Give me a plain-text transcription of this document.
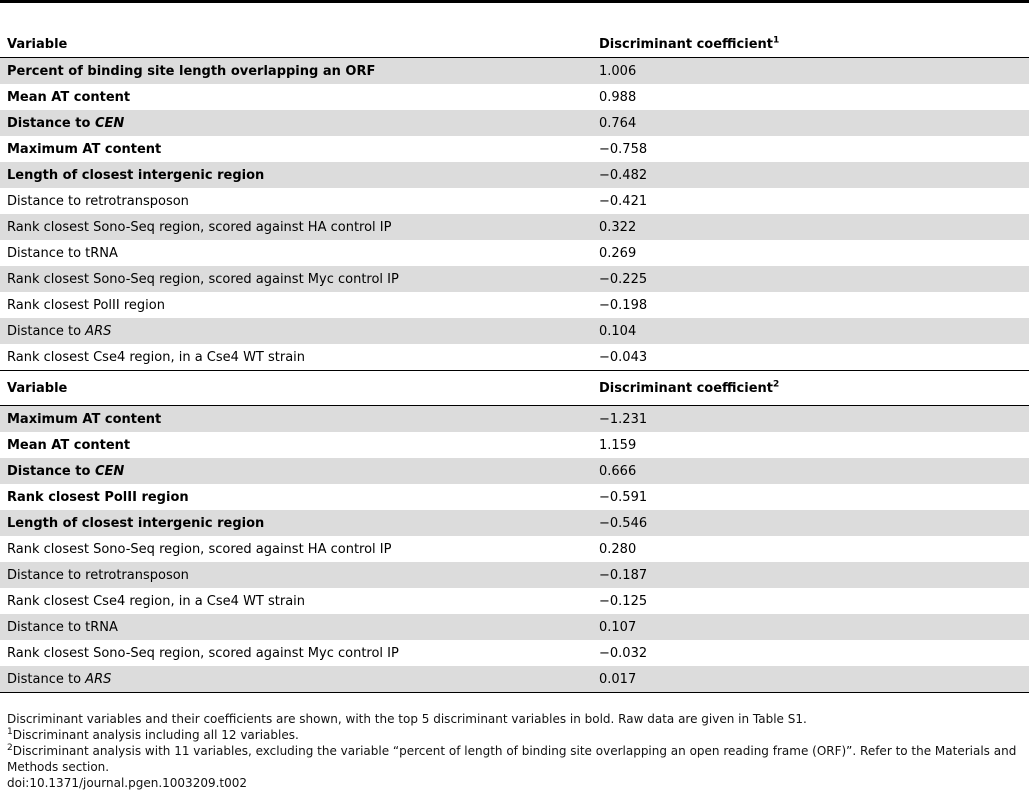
Variable	Discriminant coefficient$^1$
Percent of binding site length overlapping an ORF	1.006
Mean AT content	0.988
Distance to CEN	0.764
Maximum AT content	−0.758
Length of closest intergenic region	−0.482
Distance to retrotransposon	−0.421
Rank closest Sono-Seq region, scored against HA control IP	0.322
Distance to tRNA	0.269
Rank closest Sono-Seq region, scored against Myc control IP	−0.225
Rank closest PolII region	−0.198
Distance to ARS	0.104
Rank closest Cse4 region, in a Cse4 WT strain	−0.043
Variable	Discriminant coefficient$^2$
Maximum AT content	−1.231
Mean AT content	1.159
Distance to CEN	0.666
Rank closest PolII region	−0.591
Length of closest intergenic region	−0.546
Rank closest Sono-Seq region, scored against HA control IP	0.280
Distance to retrotransposon	−0.187
Rank closest Cse4 region, in a Cse4 WT strain	−0.125
Distance to tRNA	0.107
Rank closest Sono-Seq region, scored against Myc control IP	−0.032
Distance to ARS	0.017

Discriminant variables and their coefficients are shown, with the top 5 discriminant variables in bold. Raw data are given in Table S1.

$^1$Discriminant analysis including all 12 variables.

$^2$Discriminant analysis with 11 variables, excluding the variable “percent of length of binding site overlapping an open reading frame (ORF)”. Refer to the Materials and Methods section.

doi:10.1371/journal.pgen.1003209.t002
